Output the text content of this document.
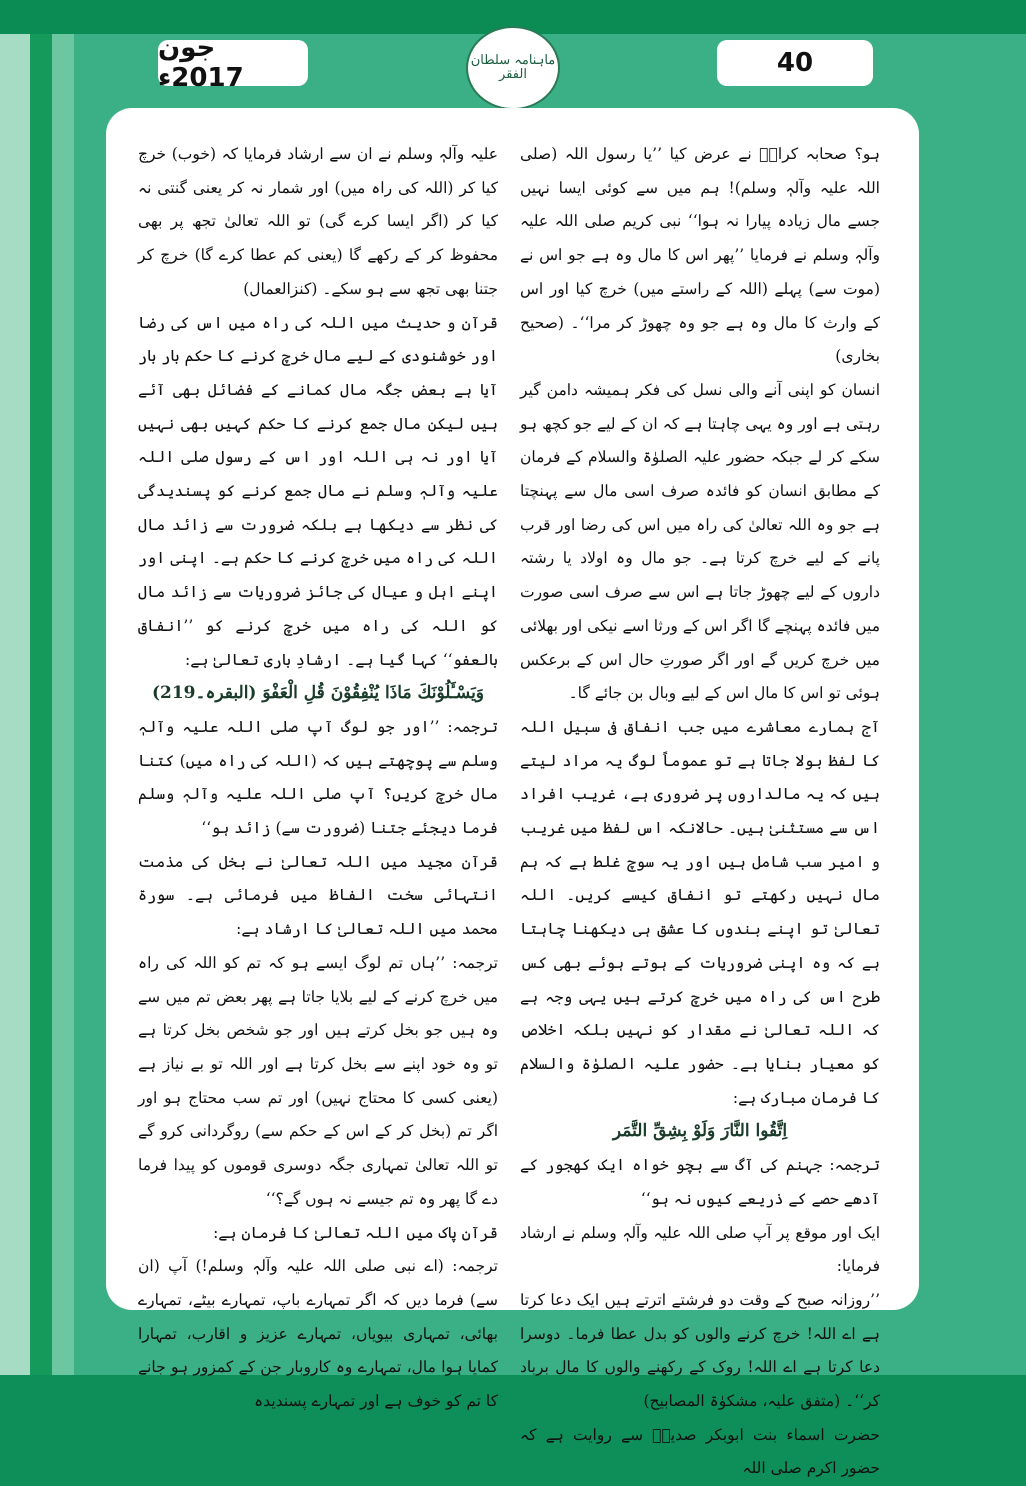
جون 2017ء
ماہنامہ سلطان الفقر	40

ہو؟ صحابہ کرامؓ نے عرض کیا ’’یا رسول اللہ (صلی اللہ علیہ وآلہٖ وسلم)! ہم میں سے کوئی ایسا نہیں جسے مال زیادہ پیارا نہ ہوا‘‘ نبی کریم صلی اللہ علیہ وآلہٖ وسلم نے فرمایا ’’پھر اس کا مال وہ ہے جو اس نے (موت سے) پہلے (اللہ کے راستے میں) خرچ کیا اور اس کے وارث کا مال وہ ہے جو وہ چھوڑ کر مرا‘‘۔ (صحیح بخاری)

انسان کو اپنی آنے والی نسل کی فکر ہمیشہ دامن گیر رہتی ہے اور وہ یہی چاہتا ہے کہ ان کے لیے جو کچھ ہو سکے کر لے جبکہ حضور علیہ الصلوٰۃ والسلام کے فرمان کے مطابق انسان کو فائدہ صرف اسی مال سے پہنچتا ہے جو وہ اللہ تعالیٰ کی راہ میں اس کی رضا اور قرب پانے کے لیے خرچ کرتا ہے۔ جو مال وہ اولاد یا رشتہ داروں کے لیے چھوڑ جاتا ہے اس سے صرف اسی صورت میں فائدہ پہنچے گا اگر اس کے ورثا اسے نیکی اور بھلائی میں خرچ کریں گے اور اگر صورتِ حال اس کے برعکس ہوئی تو اس کا مال اس کے لیے وبال بن جائے گا۔

آج ہمارے معاشرے میں جب انفاق فی سبیل اللہ کا لفظ بولا جاتا ہے تو عموماً لوگ یہ مراد لیتے ہیں کہ یہ مالداروں پر ضروری ہے، غریب افراد اس سے مستثنیٰ ہیں۔ حالانکہ اس لفظ میں غریب و امیر سب شامل ہیں اور یہ سوچ غلط ہے کہ ہم مال نہیں رکھتے تو انفاق کیسے کریں۔ اللہ تعالیٰ تو اپنے بندوں کا عشق ہی دیکھنا چاہتا ہے کہ وہ اپنی ضروریات کے ہوتے ہوئے بھی کس طرح اس کی راہ میں خرچ کرتے ہیں یہی وجہ ہے کہ اللہ تعالیٰ نے مقدار کو نہیں بلکہ اخلاص کو معیار بنایا ہے۔ حضور علیہ الصلوٰۃ والسلام کا فرمان مبارک ہے:

اِتَّقُوا النَّارَ وَلَوْ بِشِقِّ التَّمَر

ترجمہ: جہنم کی آگ سے بچو خواہ ایک کھجور کے آدھے حصے کے ذریعے کیوں نہ ہو‘‘

ایک اور موقع پر آپ صلی اللہ علیہ وآلہٖ وسلم نے ارشاد فرمایا:

’’روزانہ صبح کے وقت دو فرشتے اترتے ہیں ایک دعا کرتا ہے اے اللہ! خرچ کرنے والوں کو بدل عطا فرما۔ دوسرا دعا کرتا ہے اے اللہ! روک کے رکھنے والوں کا مال برباد کر‘‘۔ (متفق علیہ، مشکوٰۃ المصابیح)

حضرت اسماء بنت ابوبکر صدیقؓ سے روایت ہے کہ حضور اکرم صلی اللہ

علیہ وآلہٖ وسلم نے ان سے ارشاد فرمایا کہ (خوب) خرچ کیا کر (اللہ کی راہ میں) اور شمار نہ کر یعنی گنتی نہ کیا کر (اگر ایسا کرے گی) تو اللہ تعالیٰ تجھ پر بھی محفوظ کر کے رکھے گا (یعنی کم عطا کرے گا) خرچ کر جتنا بھی تجھ سے ہو سکے۔ (کنزالعمال)

قرآن و حدیث میں اللہ کی راہ میں اس کی رضا اور خوشنودی کے لیے مال خرچ کرنے کا حکم بار بار آیا ہے بعض جگہ مال کمانے کے فضائل بھی آئے ہیں لیکن مال جمع کرنے کا حکم کہیں بھی نہیں آیا اور نہ ہی اللہ اور اس کے رسول صلی اللہ علیہ وآلہٖ وسلم نے مال جمع کرنے کو پسندیدگی کی نظر سے دیکھا ہے بلکہ ضرورت سے زائد مال اللہ کی راہ میں خرچ کرنے کا حکم ہے۔ اپنی اور اپنے اہل و عیال کی جائز ضروریات سے زائد مال کو اللہ کی راہ میں خرچ کرنے کو ’’انفاق بالعفو‘‘ کہا گیا ہے۔ ارشادِ باری تعالیٰ ہے:

وَيَسْـَٔلُوْنَكَ مَاذَا يُنْفِقُوْنَ قُلِ الْعَفْوَ (البقرہ۔219)

ترجمہ: ’’اور جو لوگ آپ صلی اللہ علیہ وآلہٖ وسلم سے پوچھتے ہیں کہ (اللہ کی راہ میں) کتنا مال خرچ کریں؟ آپ صلی اللہ علیہ وآلہٖ وسلم فرما دیجئے جتنا (ضرورت سے) زائد ہو‘‘

قرآنِ مجید میں اللہ تعالیٰ نے بخل کی مذمت انتہائی سخت الفاظ میں فرمائی ہے۔ سورۃ محمد میں اللہ تعالیٰ کا ارشاد ہے:

ترجمہ: ’’ہاں تم لوگ ایسے ہو کہ تم کو اللہ کی راہ میں خرچ کرنے کے لیے بلایا جاتا ہے پھر بعض تم میں سے وہ ہیں جو بخل کرتے ہیں اور جو شخص بخل کرتا ہے تو وہ خود اپنے سے بخل کرتا ہے اور اللہ تو بے نیاز ہے (یعنی کسی کا محتاج نہیں) اور تم سب محتاج ہو اور اگر تم (بخل کر کے اس کے حکم سے) روگردانی کرو گے تو اللہ تعالیٰ تمہاری جگہ دوسری قوموں کو پیدا فرما دے گا پھر وہ تم جیسے نہ ہوں گے؟‘‘

قرآنِ پاک میں اللہ تعالیٰ کا فرمان ہے:

ترجمہ: (اے نبی صلی اللہ علیہ وآلہٖ وسلم!) آپ (ان سے) فرما دیں کہ اگر تمہارے باپ، تمہارے بیٹے، تمہارے بھائی، تمہاری بیویاں، تمہارے عزیز و اقارب، تمہارا کمایا ہوا مال، تمہارے وہ کاروبار جن کے کمزور ہو جانے کا تم کو خوف ہے اور تمہارے پسندیدہ
